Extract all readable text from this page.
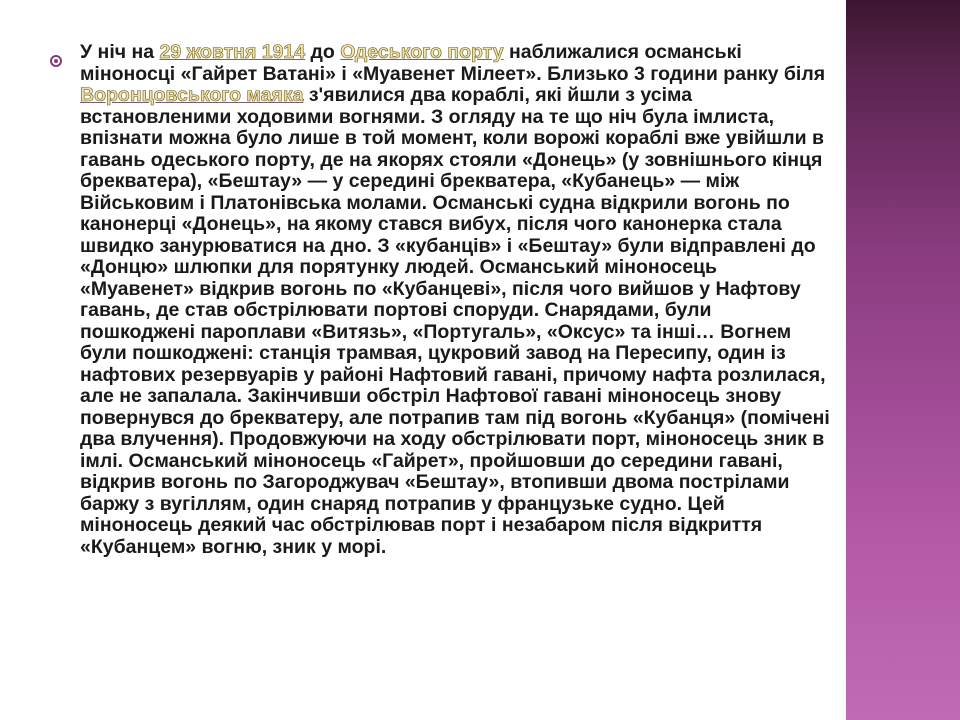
У ніч на 29 жовтня 1914 до Одеського порту наближалися османські міноносці «Гайрет Ватані» і «Муавенет Мілеет». Близько 3 години ранку біля Воронцовського маяка з'явилися два кораблі, які йшли з усіма встановленими ходовими вогнями. З огляду на те що ніч була імлиста, впізнати можна було лише в той момент, коли ворожі кораблі вже увійшли в гавань одеського порту, де на якорях стояли «Донець» (у зовнішнього кінця брекватера), «Бештау» — у середині брекватера, «Кубанець» — між Військовим і Платонівська молами. Османські судна відкрили вогонь по канонерці «Донець», на якому стався вибух, після чого канонерка стала швидко занурюватися на дно. З «кубанців» і «Бештау» були відправлені до «Донцю» шлюпки для порятунку людей. Османський міноносець «Муавенет» відкрив вогонь по «Кубанцеві», після чого вийшов у Нафтову гавань, де став обстрілювати портові споруди. Снарядами, були пошкоджені пароплави «Витязь», «Португаль», «Оксус» та інші… Вогнем були пошкоджені: станція трамвая, цукровий завод на Пересипу, один із нафтових резервуарів у районі Нафтовий гавані, причому нафта розлилася, але не запалала. Закінчивши обстріл Нафтової гавані міноносець знову повернувся до брекватеру, але потрапив там під вогонь «Кубанця» (помічені два влучення). Продовжуючи на ходу обстрілювати порт, міноносець зник в імлі. Османський міноносець «Гайрет», пройшовши до середини гавані, відкрив вогонь по Загороджувач «Бештау», втопивши двома пострілами баржу з вугіллям, один снаряд потрапив у французьке судно. Цей міноносець деякий час обстрілював порт і незабаром після відкриття «Кубанцем» вогню, зник у морі.
